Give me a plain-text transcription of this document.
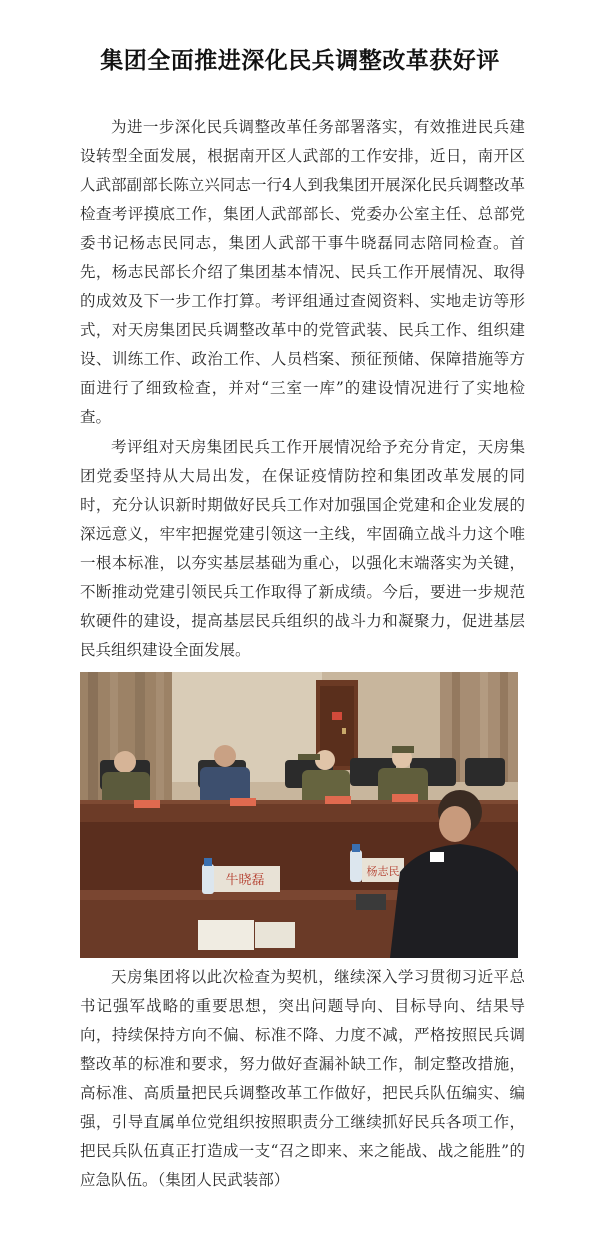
集团全面推进深化民兵调整改革获好评

为进一步深化民兵调整改革任务部署落实，有效推进民兵建设转型全面发展，根据南开区人武部的工作安排，近日，南开区人武部副部长陈立兴同志一行4人到我集团开展深化民兵调整改革检查考评摸底工作，集团人武部部长、党委办公室主任、总部党委书记杨志民同志，集团人武部干事牛晓磊同志陪同检查。首先，杨志民部长介绍了集团基本情况、民兵工作开展情况、取得的成效及下一步工作打算。考评组通过查阅资料、实地走访等形式，对天房集团民兵调整改革中的党管武装、民兵工作、组织建设、训练工作、政治工作、人员档案、预征预储、保障措施等方面进行了细致检查，并对“三室一库”的建设情况进行了实地检查。

考评组对天房集团民兵工作开展情况给予充分肯定，天房集团党委坚持从大局出发，在保证疫情防控和集团改革发展的同时，充分认识新时期做好民兵工作对加强国企党建和企业发展的深远意义，牢牢把握党建引领这一主线，牢固确立战斗力这个唯一根本标准，以夯实基层基础为重心，以强化末端落实为关键，不断推动党建引领民兵工作取得了新成绩。今后，要进一步规范软硬件的建设，提高基层民兵组织的战斗力和凝聚力，促进基层民兵组织建设全面发展。

牛晓磊
杨志民

天房集团将以此次检查为契机，继续深入学习贯彻习近平总书记强军战略的重要思想，突出问题导向、目标导向、结果导向，持续保持方向不偏、标准不降、力度不减，严格按照民兵调整改革的标准和要求，努力做好查漏补缺工作，制定整改措施，高标准、高质量把民兵调整改革工作做好，把民兵队伍编实、编强，引导直属单位党组织按照职责分工继续抓好民兵各项工作，把民兵队伍真正打造成一支“召之即来、来之能战、战之能胜”的应急队伍。（集团人民武装部）
